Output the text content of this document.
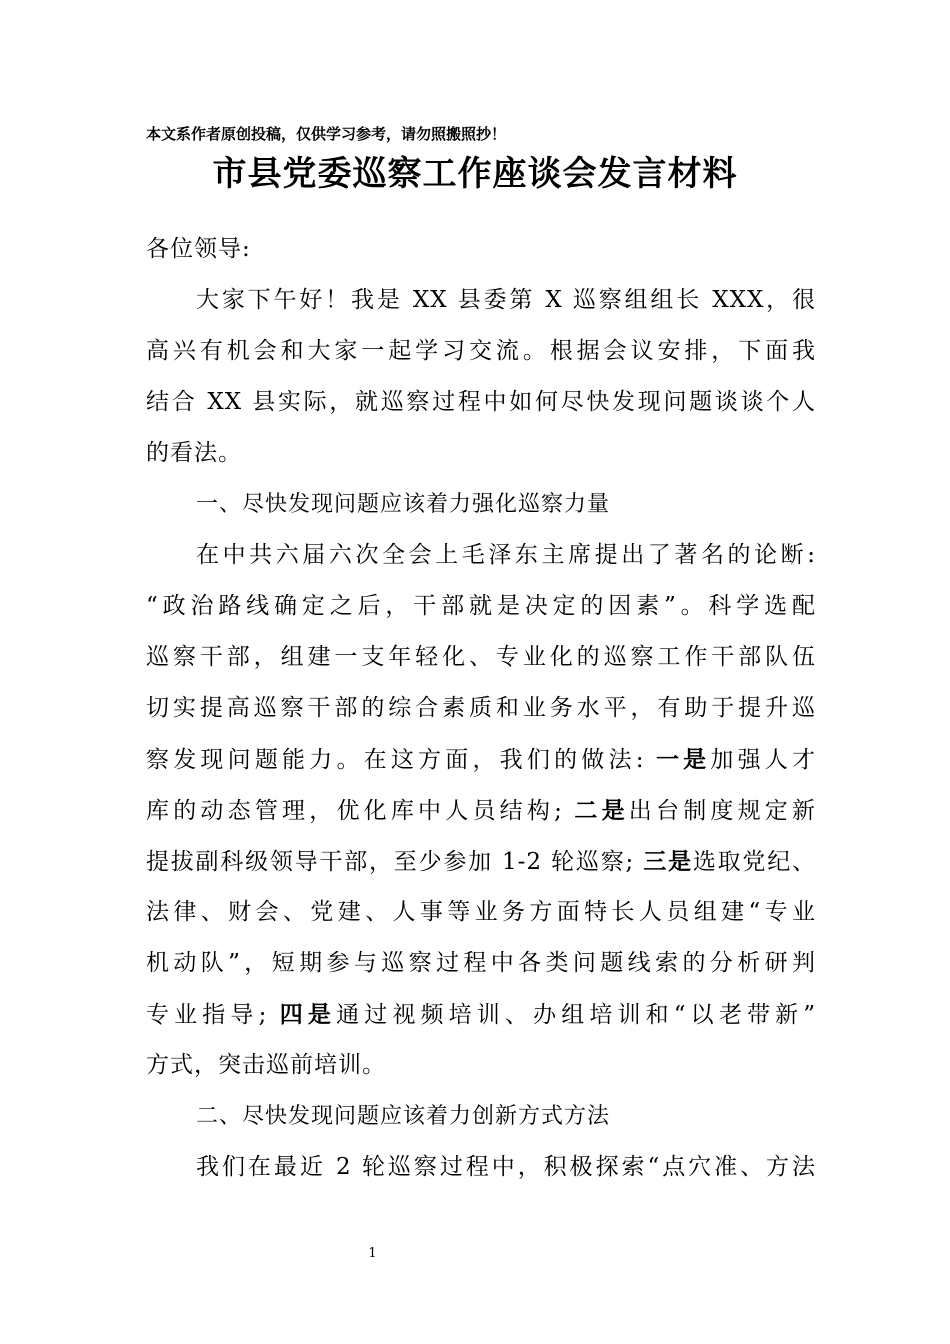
本文系作者原创投稿，仅供学习参考，请勿照搬照抄！
市县党委巡察工作座谈会发言材料
各位领导:
大家下午好！我是 XX 县委第 X 巡察组组长 XXX，很
高兴有机会和大家一起学习交流。根据会议安排，下面我
结合 XX 县实际，就巡察过程中如何尽快发现问题谈谈个人
的看法。
一、尽快发现问题应该着力强化巡察力量
在中共六届六次全会上毛泽东主席提出了著名的论断:
“政治路线确定之后，干部就是决定的因素”。科学选配
巡察干部，组建一支年轻化、专业化的巡察工作干部队伍
切实提高巡察干部的综合素质和业务水平，有助于提升巡
察发现问题能力。在这方面，我们的做法: 一是加强人才
库的动态管理，优化库中人员结构; 二是出台制度规定新
提拔副科级领导干部，至少参加 1-2 轮巡察; 三是选取党纪、
法律、财会、党建、人事等业务方面特长人员组建“专业
机动队”，短期参与巡察过程中各类问题线索的分析研判
专业指导; 四是通过视频培训、办组培训和“以老带新”
方式，突击巡前培训。
二、尽快发现问题应该着力创新方式方法
我们在最近 2 轮巡察过程中，积极探索“点穴准、方法
1
